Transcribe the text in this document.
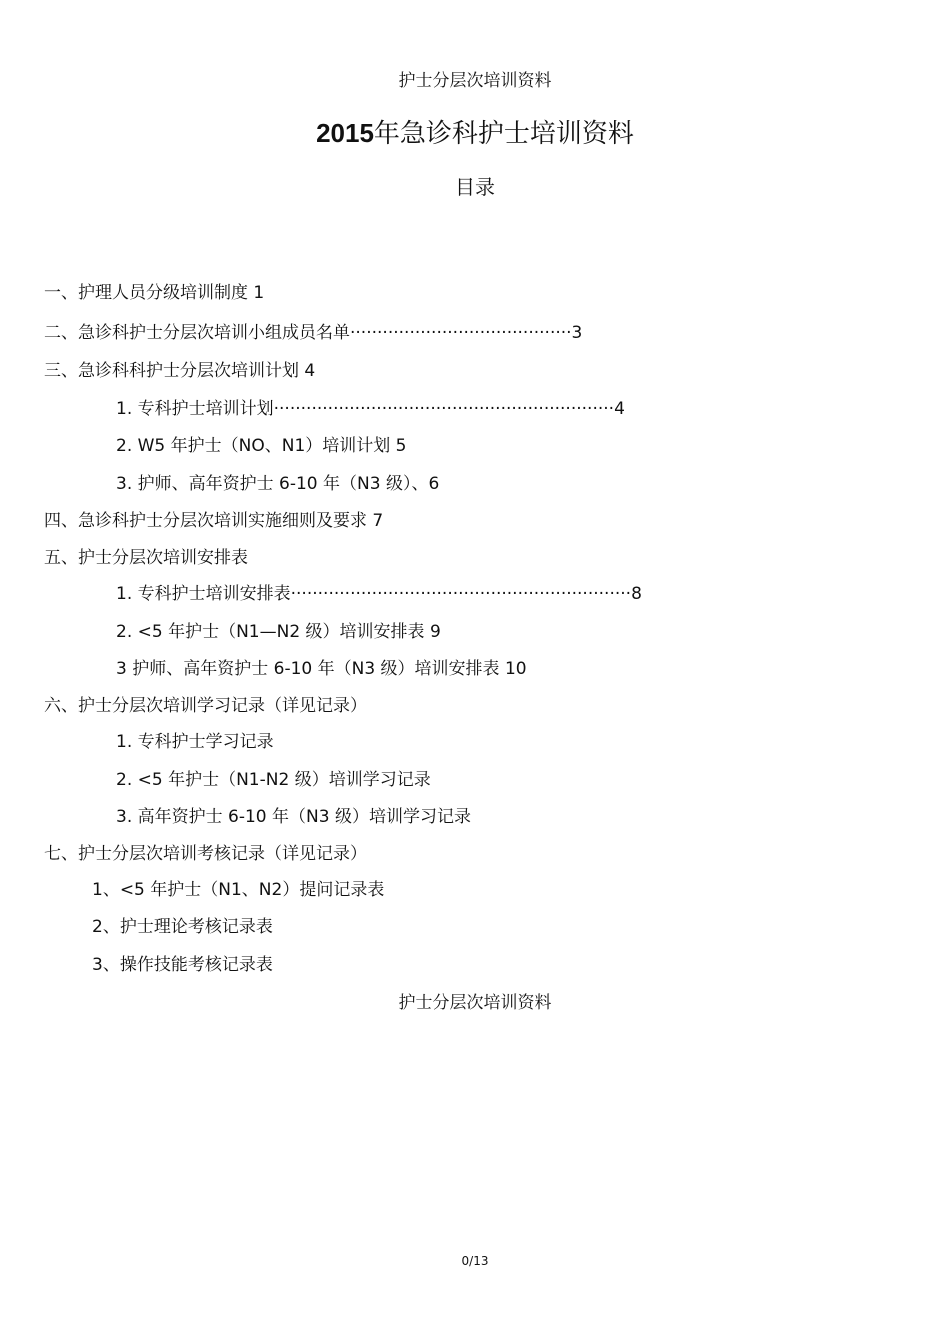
护士分层次培训资料
2015年急诊科护士培训资料
目录
一、护理人员分级培训制度 1
二、急诊科护士分层次培训小组成员名单·········································3
三、急诊科科护士分层次培训计划 4
1. 专科护士培训计划·······························································4
2. W5 年护士（NO、N1）培训计划 5
3. 护师、高年资护士 6-10 年（N3 级）、6
四、急诊科护士分层次培训实施细则及要求 7
五、护士分层次培训安排表
1. 专科护士培训安排表·······························································8
2. <5 年护士（N1—N2 级）培训安排表 9
3 护师、高年资护士 6-10 年（N3 级）培训安排表 10
六、护士分层次培训学习记录（详见记录）
1. 专科护士学习记录
2. <5 年护士（N1-N2 级）培训学习记录
3. 高年资护士 6-10 年（N3 级）培训学习记录
七、护士分层次培训考核记录（详见记录）
1、<5 年护士（N1、N2）提问记录表
2、护士理论考核记录表
3、操作技能考核记录表
护士分层次培训资料
0/13
